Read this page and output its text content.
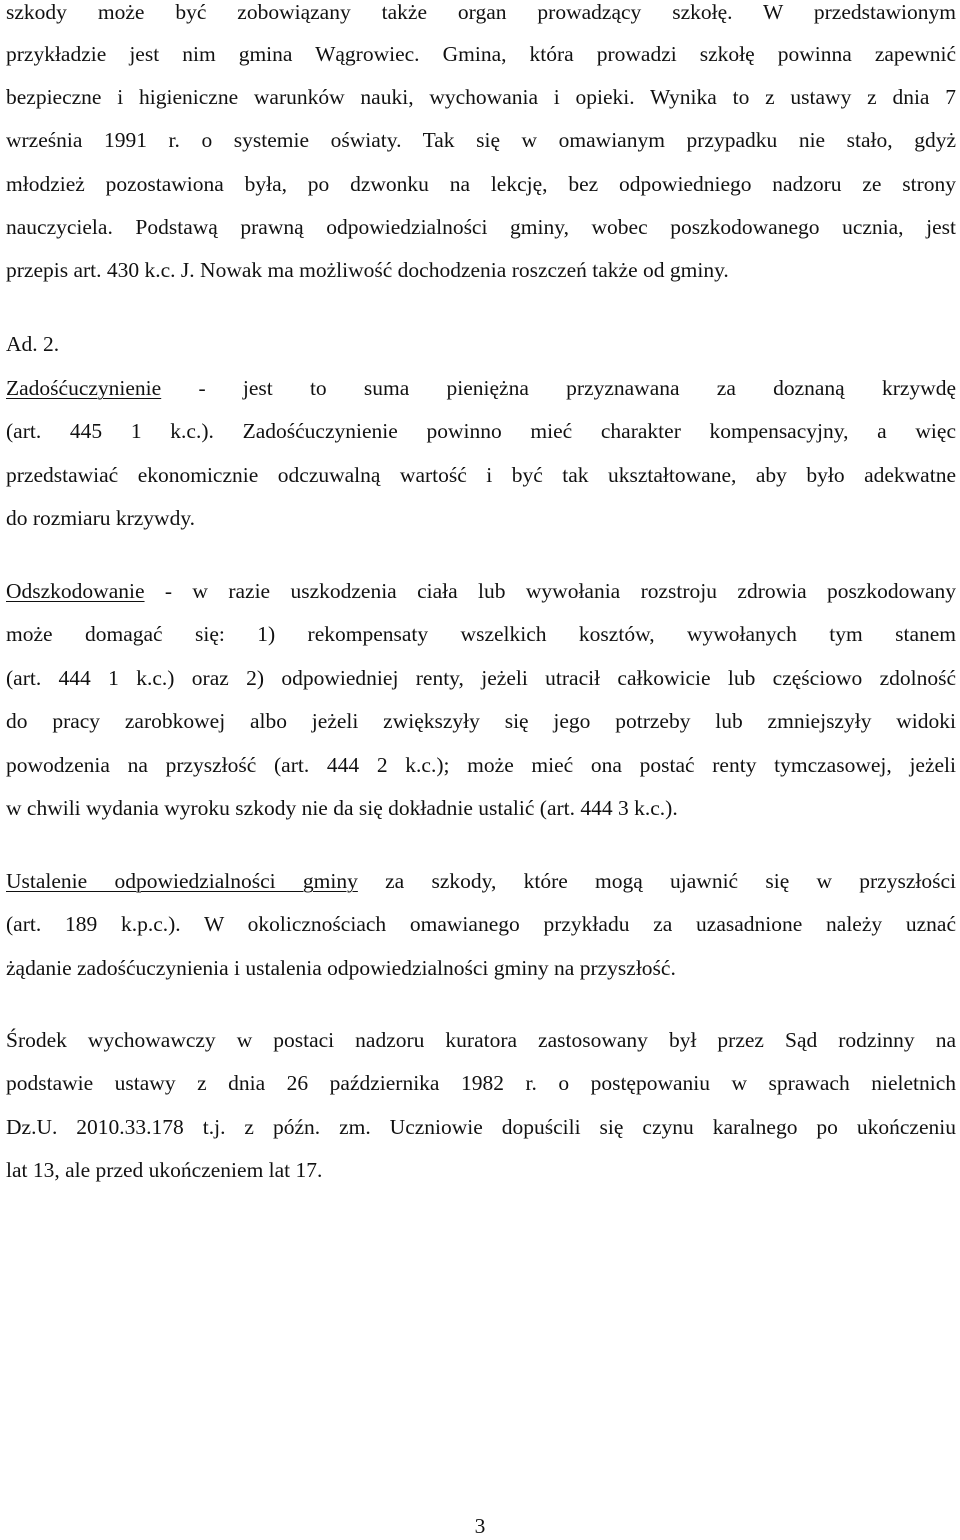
szkody może być zobowiązany także organ prowadzący szkołę. W przedstawionym
przykładzie jest nim gmina Wągrowiec. Gmina, która prowadzi szkołę powinna zapewnić
bezpieczne i higieniczne warunków nauki, wychowania i opieki. Wynika to z ustawy z dnia 7
września 1991 r. o systemie oświaty. Tak się w omawianym przypadku nie stało, gdyż
młodzież pozostawiona była, po dzwonku na lekcję, bez odpowiedniego nadzoru ze strony
nauczyciela. Podstawą prawną odpowiedzialności gminy, wobec poszkodowanego ucznia, jest
przepis art. 430 k.c. J. Nowak ma możliwość dochodzenia roszczeń także od gminy.
Ad. 2.
Zadośćuczynienie - jest to suma pieniężna przyznawana za doznaną krzywdę
(art. 445 1 k.c.). Zadośćuczynienie powinno mieć charakter kompensacyjny, a więc
przedstawiać ekonomicznie odczuwalną wartość i być tak ukształtowane, aby było adekwatne
do rozmiaru krzywdy.
Odszkodowanie - w razie uszkodzenia ciała lub wywołania rozstroju zdrowia poszkodowany
może domagać się: 1) rekompensaty wszelkich kosztów, wywołanych tym stanem
(art. 444 1 k.c.) oraz 2) odpowiedniej renty, jeżeli utracił całkowicie lub częściowo zdolność
do pracy zarobkowej albo jeżeli zwiększyły się jego potrzeby lub zmniejszyły widoki
powodzenia na przyszłość (art. 444 2 k.c.); może mieć ona postać renty tymczasowej, jeżeli
w chwili wydania wyroku szkody nie da się dokładnie ustalić (art. 444 3 k.c.).
Ustalenie odpowiedzialności gminy za szkody, które mogą ujawnić się w przyszłości
(art. 189 k.p.c.). W okolicznościach omawianego przykładu za uzasadnione należy uznać
żądanie zadośćuczynienia i ustalenia odpowiedzialności gminy na przyszłość.
Środek wychowawczy w postaci nadzoru kuratora zastosowany był przez Sąd rodzinny na
podstawie ustawy z dnia 26 października 1982 r. o postępowaniu w sprawach nieletnich
Dz.U. 2010.33.178 t.j. z późn. zm. Uczniowie dopuścili się czynu karalnego po ukończeniu
lat 13, ale przed ukończeniem lat 17.
3
